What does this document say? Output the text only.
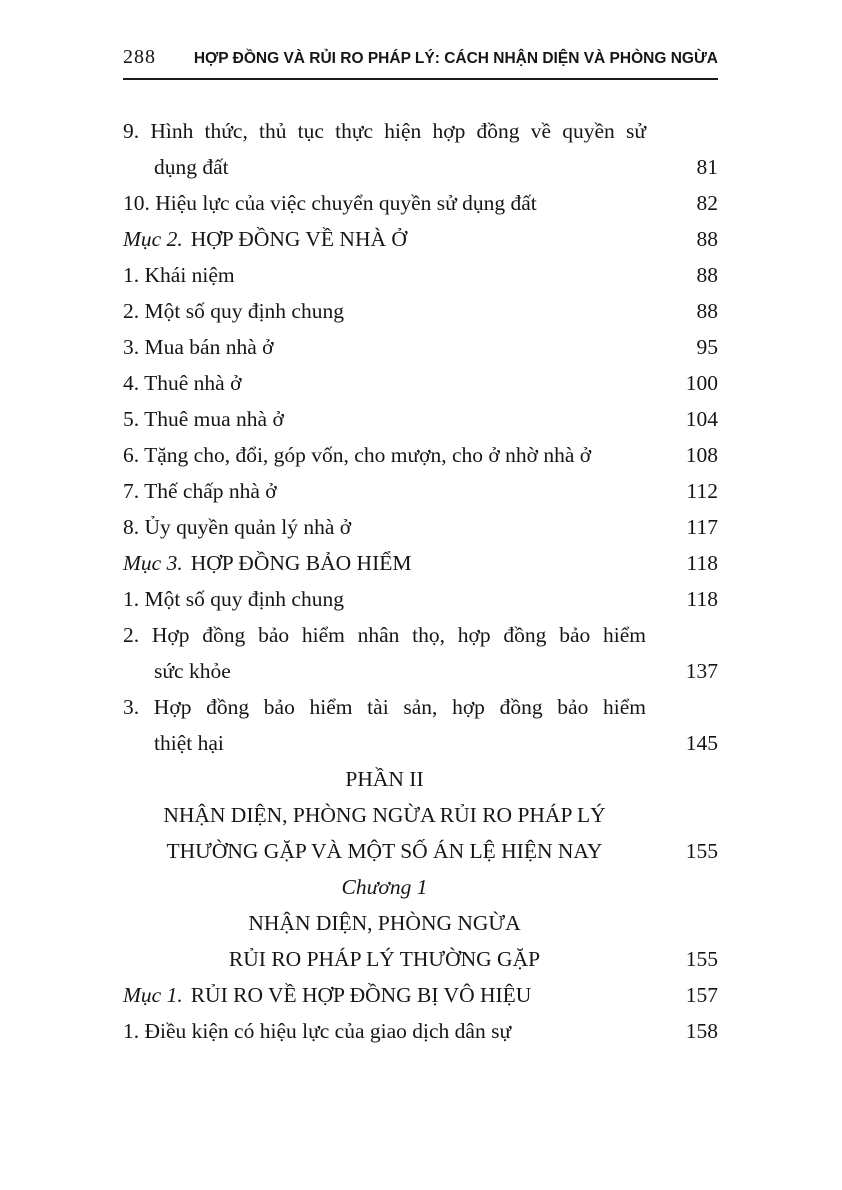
288 HỢP ĐỒNG VÀ RỦI RO PHÁP LÝ: CÁCH NHẬN DIỆN VÀ PHÒNG NGỪA
9. Hình thức, thủ tục thực hiện hợp đồng về quyền sử
dụng đất	81
10. Hiệu lực của việc chuyển quyền sử dụng đất	82
Mục 2. HỢP ĐỒNG VỀ NHÀ Ở	88
1. Khái niệm	88
2. Một số quy định chung	88
3. Mua bán nhà ở	95
4. Thuê nhà ở	100
5. Thuê mua nhà ở	104
6. Tặng cho, đổi, góp vốn, cho mượn, cho ở nhờ nhà ở	108
7. Thế chấp nhà ở	112
8. Ủy quyền quản lý nhà ở	117
Mục 3. HỢP ĐỒNG BẢO HIỂM	118
1. Một số quy định chung	118
2. Hợp đồng bảo hiểm nhân thọ, hợp đồng bảo hiểm
sức khỏe	137
3. Hợp đồng bảo hiểm tài sản, hợp đồng bảo hiểm
thiệt hại	145
PHẦN II
NHẬN DIỆN, PHÒNG NGỪA RỦI RO PHÁP LÝ
THƯỜNG GẶP VÀ MỘT SỐ ÁN LỆ HIỆN NAY	155
Chương 1
NHẬN DIỆN, PHÒNG NGỪA
RỦI RO PHÁP LÝ THƯỜNG GẶP	155
Mục 1. RỦI RO VỀ HỢP ĐỒNG BỊ VÔ HIỆU	157
1. Điều kiện có hiệu lực của giao dịch dân sự	158
